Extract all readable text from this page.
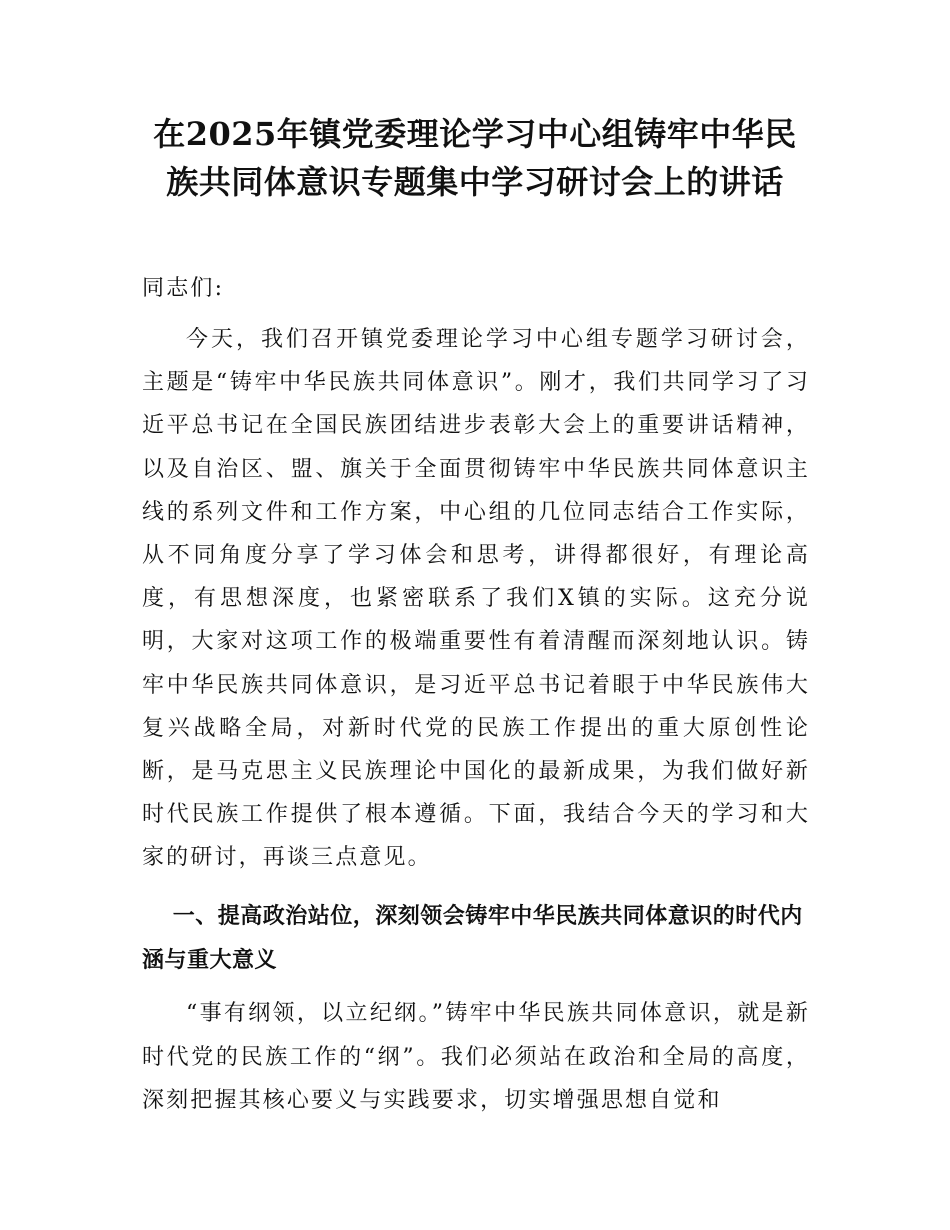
在2025年镇党委理论学习中心组铸牢中华民
族共同体意识专题集中学习研讨会上的讲话

同志们:

今天，我们召开镇党委理论学习中心组专题学习研讨会，主题是“铸牢中华民族共同体意识”。刚才，我们共同学习了习近平总书记在全国民族团结进步表彰大会上的重要讲话精神，以及自治区、盟、旗关于全面贯彻铸牢中华民族共同体意识主线的系列文件和工作方案，中心组的几位同志结合工作实际，从不同角度分享了学习体会和思考，讲得都很好，有理论高度，有思想深度，也紧密联系了我们X镇的实际。这充分说明，大家对这项工作的极端重要性有着清醒而深刻地认识。铸牢中华民族共同体意识，是习近平总书记着眼于中华民族伟大复兴战略全局，对新时代党的民族工作提出的重大原创性论断，是马克思主义民族理论中国化的最新成果，为我们做好新时代民族工作提供了根本遵循。下面，我结合今天的学习和大家的研讨，再谈三点意见。

一、提高政治站位，深刻领会铸牢中华民族共同体意识的时代内涵与重大意义

“事有纲领，以立纪纲。”铸牢中华民族共同体意识，就是新时代党的民族工作的“纲”。我们必须站在政治和全局的高度，深刻把握其核心要义与实践要求，切实增强思想自觉和
